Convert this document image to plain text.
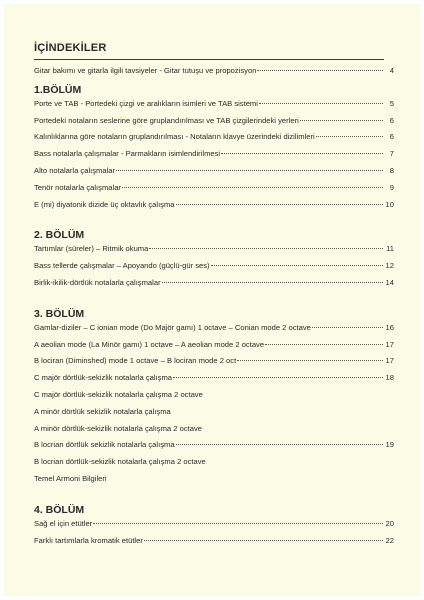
İÇİNDEKİLER
Gitar bakımı ve gitarla ilgili tavsiyeler - Gitar tutuşu ve propozisyon	4
1.BÖLÜM
Porte ve TAB - Portedeki çizgi ve aralıkların isimleri ve TAB sistemi	5
Portedeki notaların seslerine göre gruplandırılması ve TAB çizgilerindeki yerleri	6
Kalınlıklarına göre notaların gruplandırılması - Notaların klavye üzerindeki dizilimleri	6
Bass notalarla çalışmalar - Parmakların isimlendirilmesi	7
Alto notalarla çalışmalar	8
Tenör notalarla çalışmalar	9
E (mi) diyatonik dizide üç oktavlık çalışma	10
2. BÖLÜM
Tartımlar (süreler) – Ritmik okuma	11
Bass tellerde çalışmalar – Apoyando (güçlü-gür ses)	12
Birlik-ikilik-dörtlük notalarla çalışmalar	14
3. BÖLÜM
Gamlar-diziler – C ionian mode (Do Majör gamı) 1 octave – Conian mode 2 octave	16
A aeolian mode (La Minör gamı) 1 octave – A aeolian mode 2 octave	17
B lociran (Diminshed) mode 1 octave – B lociran mode 2 oct	17
C majör dörtlük-sekizlik notalarla çalışma	18
C majör dörtlük-sekizlik notalarla çalışma 2 octave
A minör dörtlük sekizlik notalarla çalışma
A minör dörtlük-sekizlik notalarla çalışma 2 octave
B locrian dörtlük sekizlik notalarla çalışma	19
B locrian dörtlük-sekizlik notalarla çalışma 2 octave
Temel Armoni Bilgileri
4. BÖLÜM
Sağ el için etütler	20
Farklı tartımlarla kromatik etütler	22
